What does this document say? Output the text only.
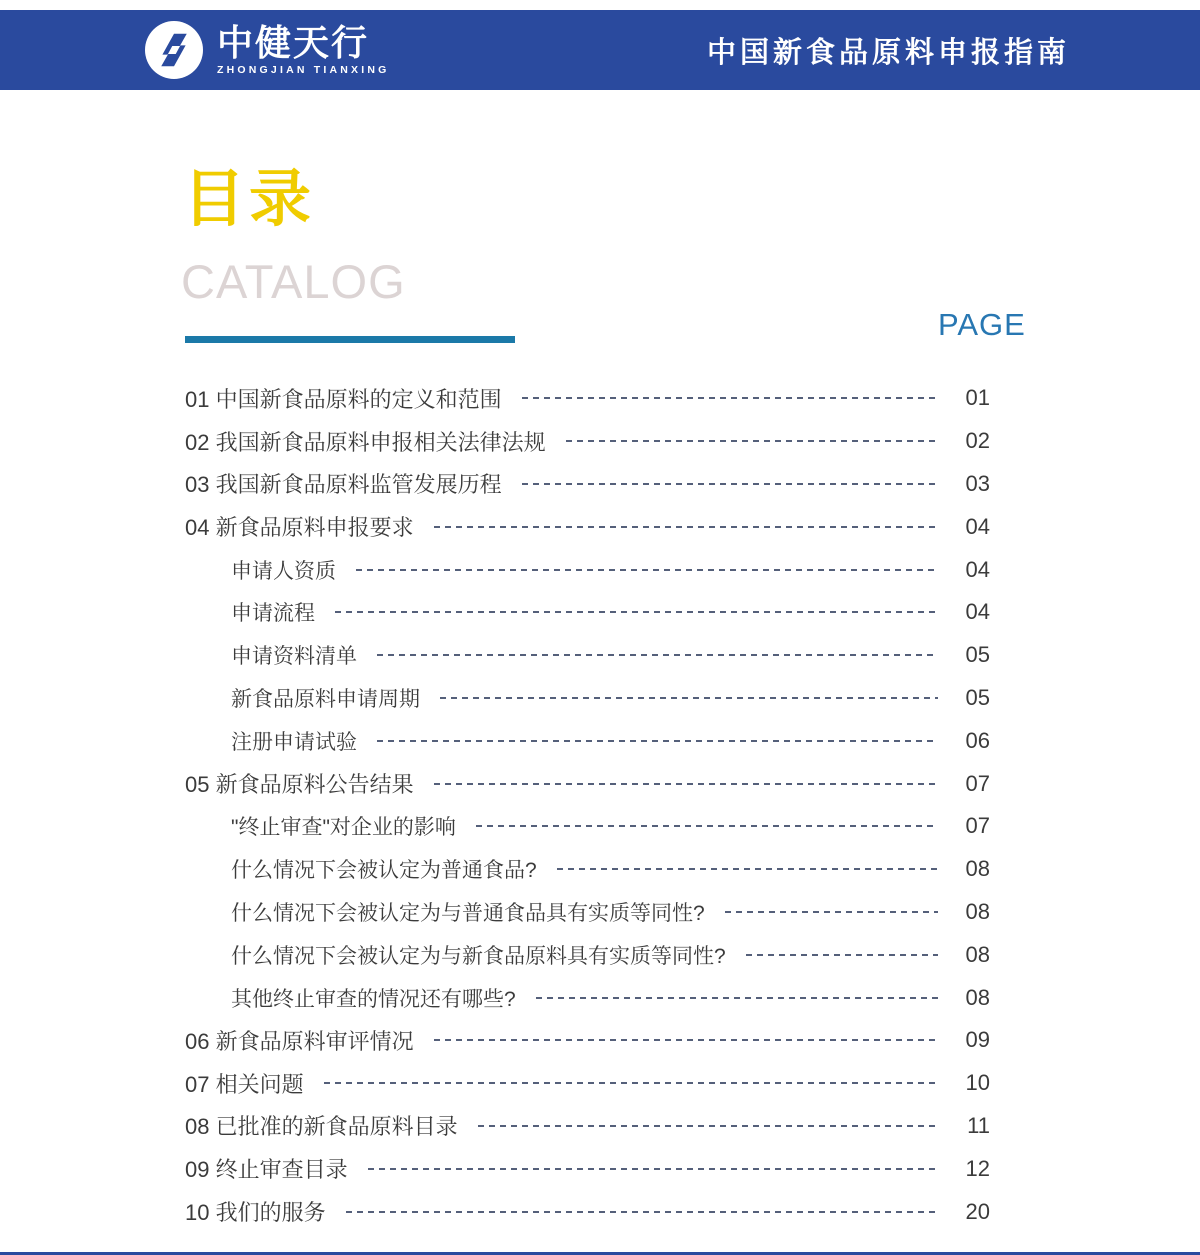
中健天行
ZHONGJIAN TIANXING
中国新食品原料申报指南
目录
CATALOG
PAGE
01 中国新食品原料的定义和范围	01
02 我国新食品原料申报相关法律法规	02
03 我国新食品原料监管发展历程	03
04 新食品原料申报要求	04
申请人资质	04
申请流程	04
申请资料清单	05
新食品原料申请周期	05
注册申请试验	06
05 新食品原料公告结果	07
"终止审查"对企业的影响	07
什么情况下会被认定为普通食品?	08
什么情况下会被认定为与普通食品具有实质等同性?	08
什么情况下会被认定为与新食品原料具有实质等同性?	08
其他终止审查的情况还有哪些?	08
06 新食品原料审评情况	09
07 相关问题	10
08 已批准的新食品原料目录	11
09 终止审查目录	12
10 我们的服务	20
